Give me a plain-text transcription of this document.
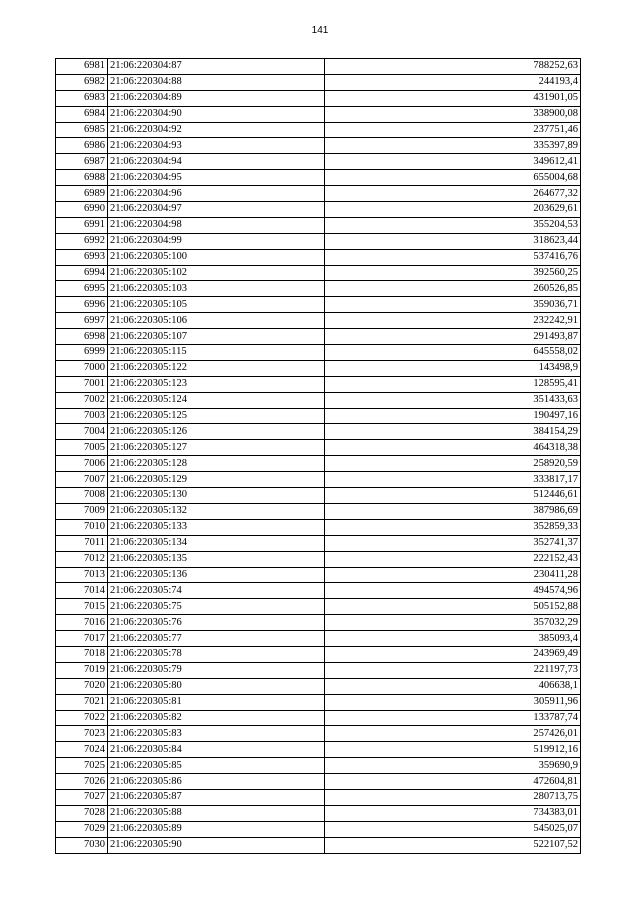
141
6981	21:06:220304:87	788252,63
6982	21:06:220304:88	244193,4
6983	21:06:220304:89	431901,05
6984	21:06:220304:90	338900,08
6985	21:06:220304:92	237751,46
6986	21:06:220304:93	335397,89
6987	21:06:220304:94	349612,41
6988	21:06:220304:95	655004,68
6989	21:06:220304:96	264677,32
6990	21:06:220304:97	203629,61
6991	21:06:220304:98	355204,53
6992	21:06:220304:99	318623,44
6993	21:06:220305:100	537416,76
6994	21:06:220305:102	392560,25
6995	21:06:220305:103	260526,85
6996	21:06:220305:105	359036,71
6997	21:06:220305:106	232242,91
6998	21:06:220305:107	291493,87
6999	21:06:220305:115	645558,02
7000	21:06:220305:122	143498,9
7001	21:06:220305:123	128595,41
7002	21:06:220305:124	351433,63
7003	21:06:220305:125	190497,16
7004	21:06:220305:126	384154,29
7005	21:06:220305:127	464318,38
7006	21:06:220305:128	258920,59
7007	21:06:220305:129	333817,17
7008	21:06:220305:130	512446,61
7009	21:06:220305:132	387986,69
7010	21:06:220305:133	352859,33
7011	21:06:220305:134	352741,37
7012	21:06:220305:135	222152,43
7013	21:06:220305:136	230411,28
7014	21:06:220305:74	494574,96
7015	21:06:220305:75	505152,88
7016	21:06:220305:76	357032,29
7017	21:06:220305:77	385093,4
7018	21:06:220305:78	243969,49
7019	21:06:220305:79	221197,73
7020	21:06:220305:80	406638,1
7021	21:06:220305:81	305911,96
7022	21:06:220305:82	133787,74
7023	21:06:220305:83	257426,01
7024	21:06:220305:84	519912,16
7025	21:06:220305:85	359690,9
7026	21:06:220305:86	472604,81
7027	21:06:220305:87	280713,75
7028	21:06:220305:88	734383,01
7029	21:06:220305:89	545025,07
7030	21:06:220305:90	522107,52
